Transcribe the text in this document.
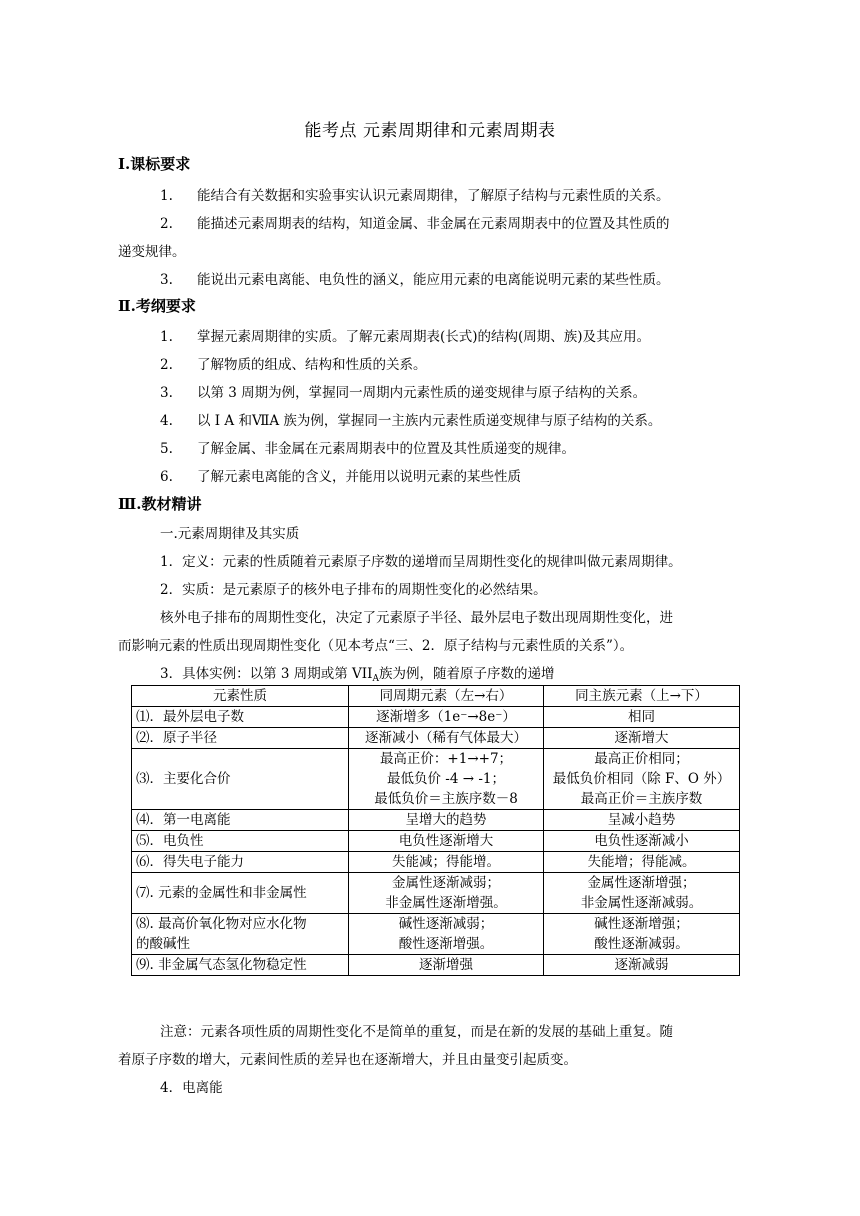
能考点 元素周期律和元素周期表
I.课标要求
1. 能结合有关数据和实验事实认识元素周期律，了解原子结构与元素性质的关系。
2. 能描述元素周期表的结构，知道金属、非金属在元素周期表中的位置及其性质的
递变规律。
3. 能说出元素电离能、电负性的涵义，能应用元素的电离能说明元素的某些性质。
Ⅱ.考纲要求
1. 掌握元素周期律的实质。了解元素周期表(长式)的结构(周期、族)及其应用。
2. 了解物质的组成、结构和性质的关系。
3. 以第 3 周期为例，掌握同一周期内元素性质的递变规律与原子结构的关系。
4. 以 I A 和ⅦA 族为例，掌握同一主族内元素性质递变规律与原子结构的关系。
5. 了解金属、非金属在元素周期表中的位置及其性质递变的规律。
6. 了解元素电离能的含义，并能用以说明元素的某些性质
Ⅲ.教材精讲
一.元素周期律及其实质
1．定义：元素的性质随着元素原子序数的递增而呈周期性变化的规律叫做元素周期律。
2．实质：是元素原子的核外电子排布的周期性变化的必然结果。
核外电子排布的周期性变化，决定了元素原子半径、最外层电子数出现周期性变化，进
而影响元素的性质出现周期性变化（见本考点“三、2．原子结构与元素性质的关系”）。
3．具体实例：以第 3 周期或第 $VII_A$族为例，随着原子序数的递增
元素性质	同周期元素（左→右）	同主族元素（上→下）
⑴．最外层电子数	逐渐增多（1e⁻→8e⁻）	相同
⑵．原子半径	逐渐减小（稀有气体最大）	逐渐增大
⑶．主要化合价	最高正价：+1→+7；
最低负价 -4 → -1；
最低负价＝主族序数－8	最高正价相同；
最低负价相同（除 F、O 外）
最高正价＝主族序数

⑷．第一电离能	呈增大的趋势	呈减小趋势
⑸．电负性	电负性逐渐增大	电负性逐渐减小
⑹．得失电子能力	失能减；得能增。	失能增；得能减。
⑺. 元素的金属性和非金属性	金属性逐渐减弱；
非金属性逐渐增强。	金属性逐渐增强；
非金属性逐渐减弱。

⑻. 最高价氧化物对应水化物
的酸碱性	碱性逐渐减弱；
酸性逐渐增强。	碱性逐渐增强；
酸性逐渐减弱。

⑼. 非金属气态氢化物稳定性	逐渐增强	逐渐减弱
注意：元素各项性质的周期性变化不是简单的重复，而是在新的发展的基础上重复。随
着原子序数的增大，元素间性质的差异也在逐渐增大，并且由量变引起质变。
4．电离能
